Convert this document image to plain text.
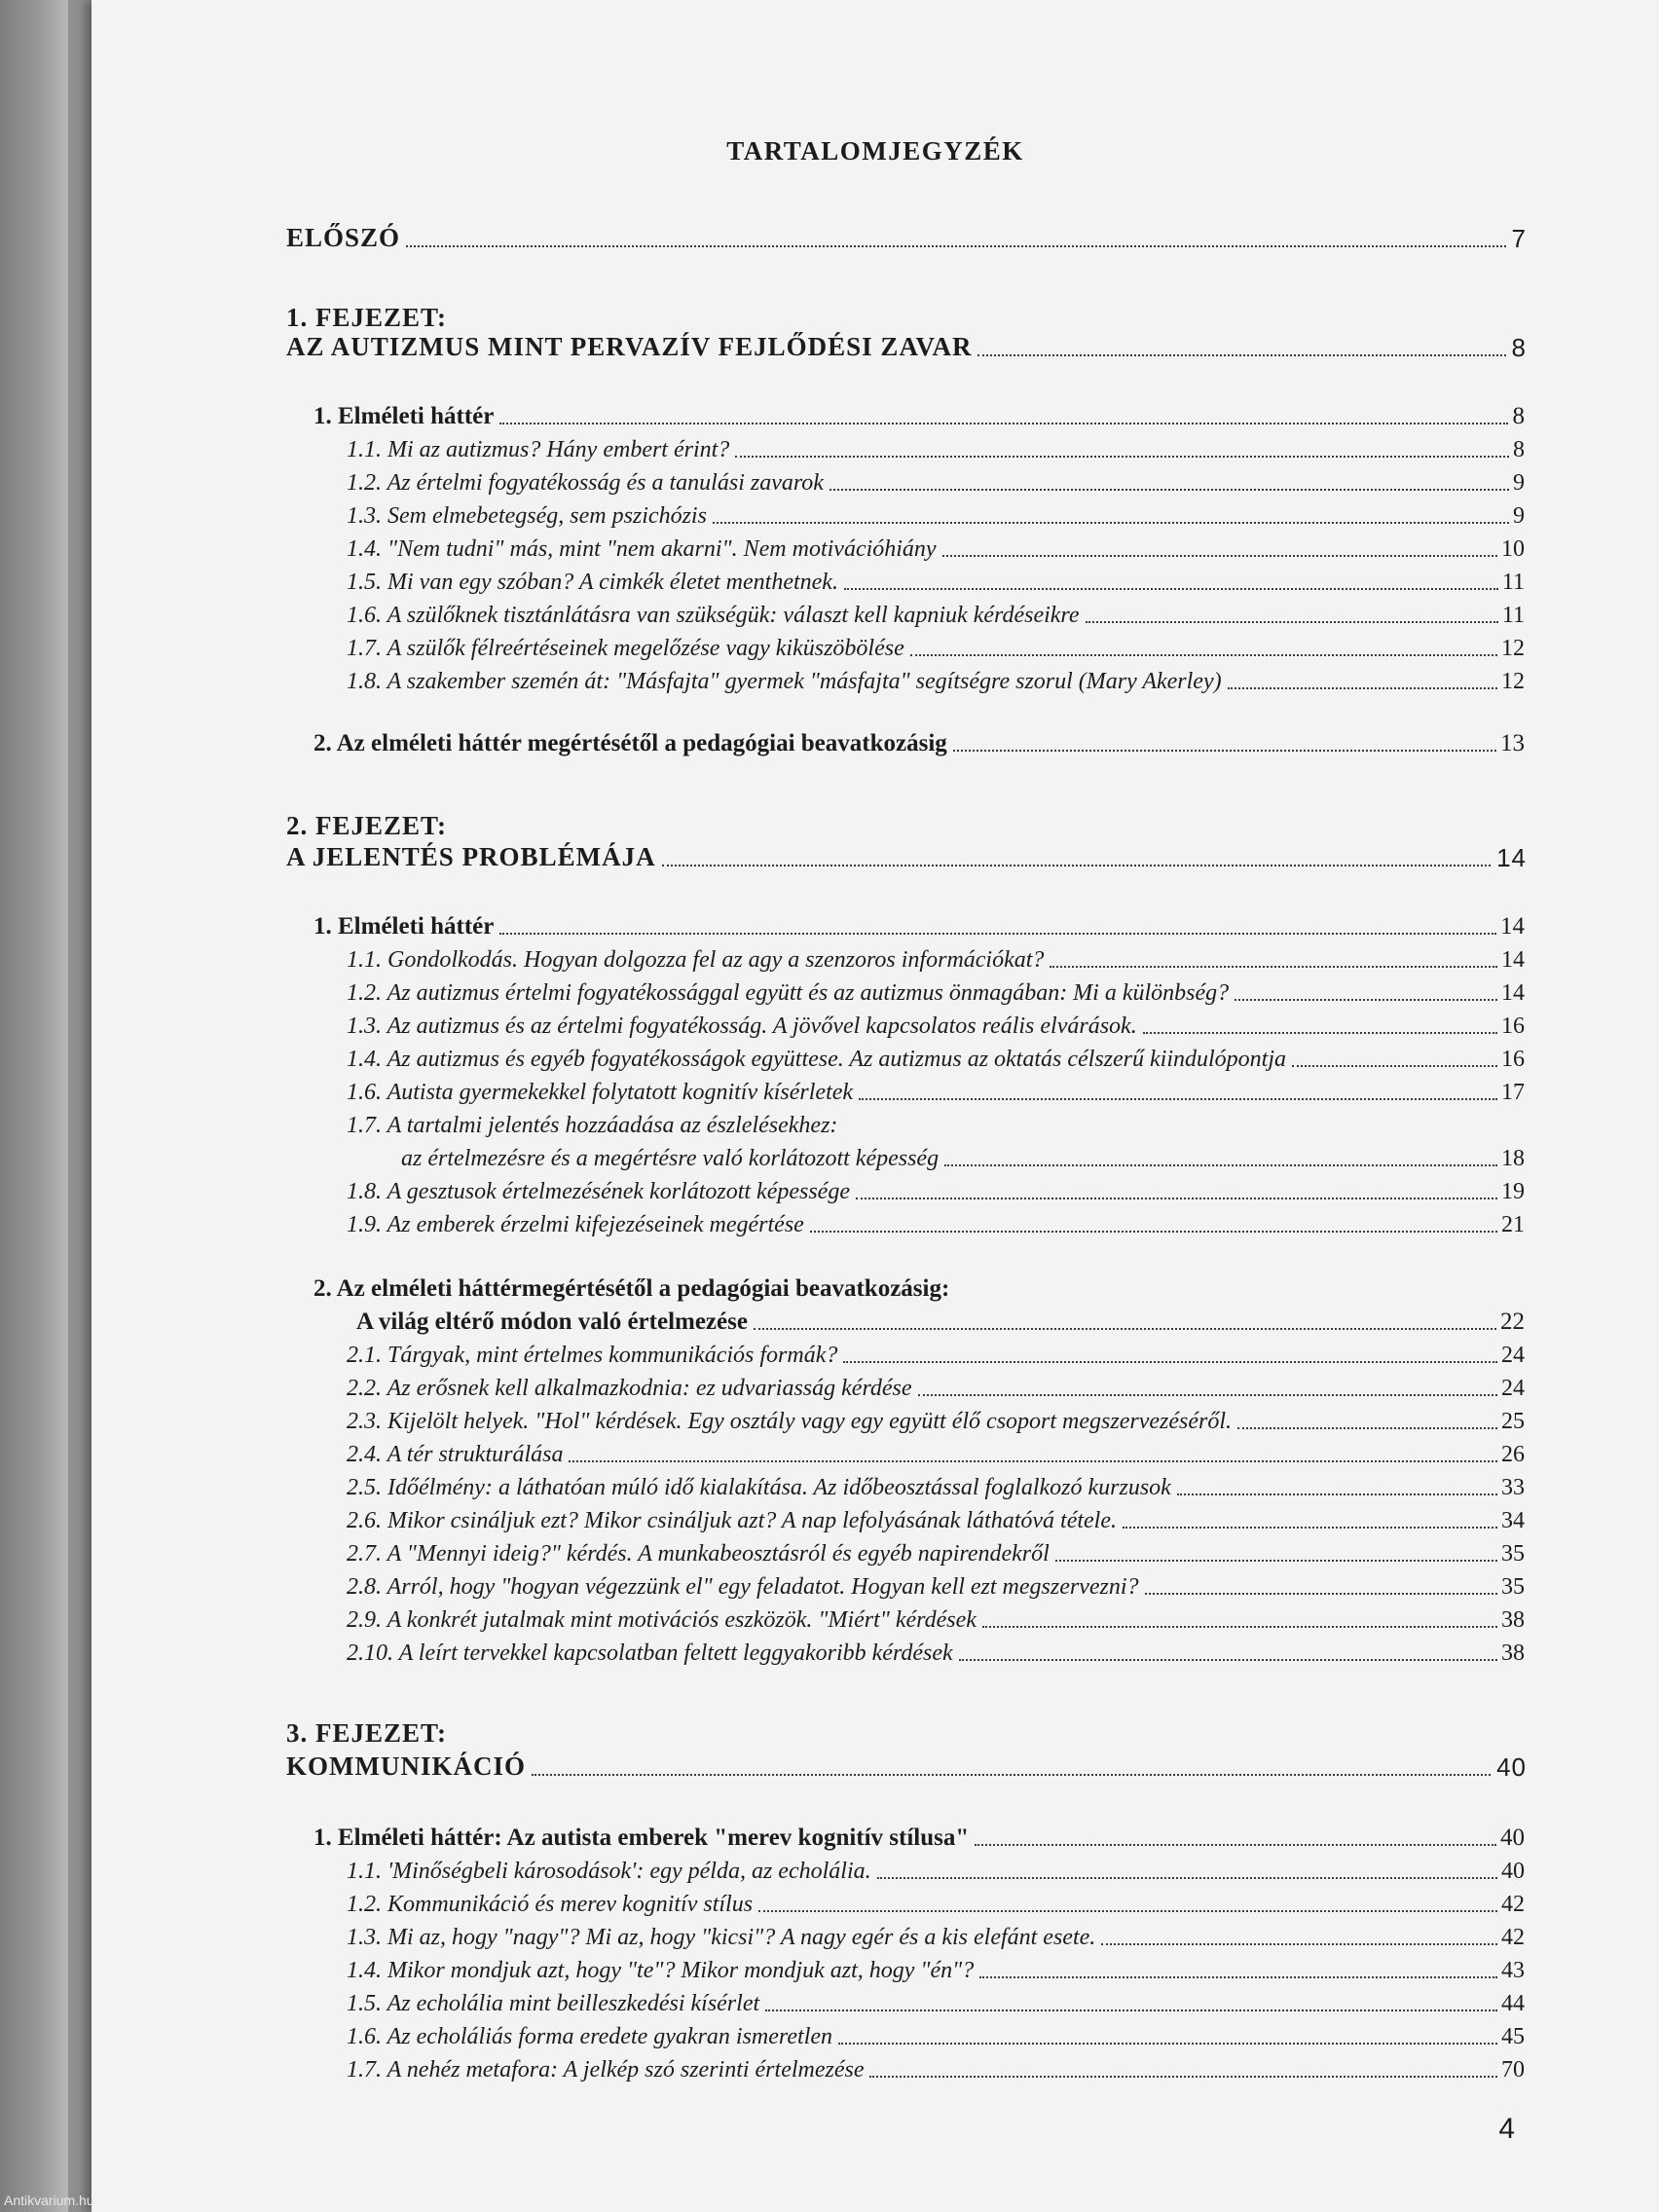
TARTALOMJEGYZÉK
ELŐSZÓ	7
1. FEJEZET:
AZ AUTIZMUS MINT PERVAZÍV FEJLŐDÉSI ZAVAR	8
1. Elméleti háttér	8
1.1. Mi az autizmus? Hány embert érint?	8
1.2. Az értelmi fogyatékosság és a tanulási zavarok	9
1.3. Sem elmebetegség, sem pszichózis	9
1.4. "Nem tudni" más, mint "nem akarni". Nem motivációhiány	10
1.5. Mi van egy szóban? A cimkék életet menthetnek.	11
1.6. A szülőknek tisztánlátásra van szükségük: választ kell kapniuk kérdéseikre	11
1.7. A szülők félreértéseinek megelőzése vagy kiküszöbölése	12
1.8. A szakember szemén át: "Másfajta" gyermek "másfajta" segítségre szorul (Mary Akerley)	12
2. Az elméleti háttér megértésétől a pedagógiai beavatkozásig	13
2. FEJEZET:
A JELENTÉS PROBLÉMÁJA	14
1. Elméleti háttér	14
1.1. Gondolkodás. Hogyan dolgozza fel az agy a szenzoros információkat?	14
1.2. Az autizmus értelmi fogyatékossággal együtt és az autizmus önmagában: Mi a különbség?	14
1.3. Az autizmus és az értelmi fogyatékosság. A jövővel kapcsolatos reális elvárások.	16
1.4. Az autizmus és egyéb fogyatékosságok együttese. Az autizmus az oktatás célszerű kiindulópontja	16
1.6. Autista gyermekekkel folytatott kognitív kísérletek	17
1.7. A tartalmi jelentés hozzáadása az észlelésekhez:
az értelmezésre és a megértésre való korlátozott képesség	18
1.8. A gesztusok értelmezésének korlátozott képessége	19
1.9. Az emberek érzelmi kifejezéseinek megértése	21
2. Az elméleti háttérmegértésétől a pedagógiai beavatkozásig:
A világ eltérő módon való értelmezése	22
2.1. Tárgyak, mint értelmes kommunikációs formák?	24
2.2. Az erősnek kell alkalmazkodnia: ez udvariasság kérdése	24
2.3. Kijelölt helyek. "Hol" kérdések. Egy osztály vagy egy együtt élő csoport megszervezéséről.	25
2.4. A tér strukturálása	26
2.5. Időélmény: a láthatóan múló idő kialakítása. Az időbeosztással foglalkozó kurzusok	33
2.6. Mikor csináljuk ezt? Mikor csináljuk azt? A nap lefolyásának láthatóvá tétele.	34
2.7. A "Mennyi ideig?" kérdés. A munkabeosztásról és egyéb napirendekről	35
2.8. Arról, hogy "hogyan végezzünk el" egy feladatot. Hogyan kell ezt megszervezni?	35
2.9. A konkrét jutalmak mint motivációs eszközök. "Miért" kérdések	38
2.10. A leírt tervekkel kapcsolatban feltett leggyakoribb kérdések	38
3. FEJEZET:
KOMMUNIKÁCIÓ	40
1. Elméleti háttér: Az autista emberek "merev kognitív stílusa"	40
1.1. 'Minőségbeli károsodások': egy példa, az echolália.	40
1.2. Kommunikáció és merev kognitív stílus	42
1.3. Mi az, hogy "nagy"? Mi az, hogy "kicsi"? A nagy egér és a kis elefánt esete.	42
1.4. Mikor mondjuk azt, hogy "te"? Mikor mondjuk azt, hogy "én"?	43
1.5. Az echolália mint beilleszkedési kísérlet	44
1.6. Az echoláliás forma eredete gyakran ismeretlen	45
1.7. A nehéz metafora: A jelkép szó szerinti értelmezése	70
4
Antikvarium.hu
